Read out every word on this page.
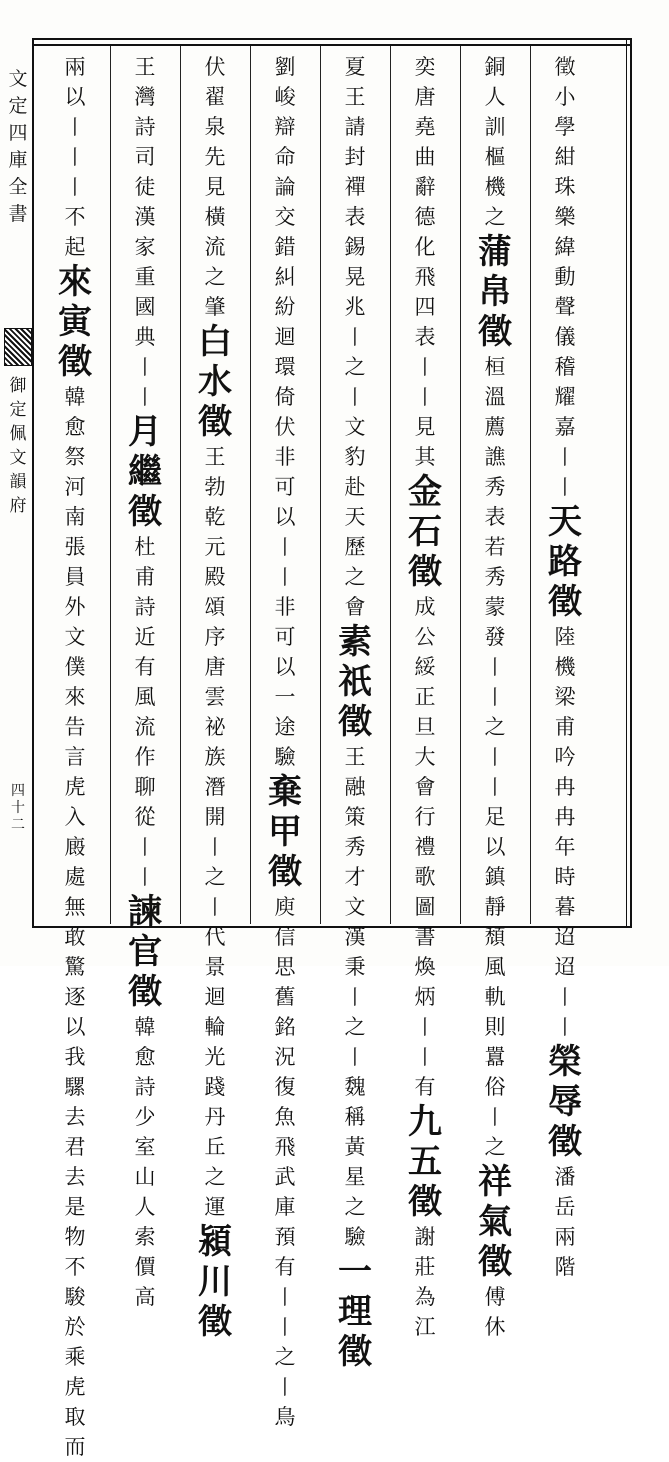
文定四庫全書
御定佩文韻府
四十二
徵
小
學
紺
珠
樂
緯
動
聲
儀
稽
耀
嘉
丨
丨
天
路
徵
陸
機
梁
甫
吟
冉
冉
年
時
暮
迢
迢
丨
丨
榮
辱
徵
潘
岳
兩
階
銅
人
訓
樞
機
之
蒲
帛
徵
桓
溫
薦
譙
秀
表
若
秀
蒙
發
丨
丨
之
丨
丨
足
以
鎮
靜
頹
風
軌
則
囂
俗
丨
之
祥
氣
徵
傅
休
奕
唐
堯
曲
辭
德
化
飛
四
表
丨
丨
見
其
金
石
徵
成
公
綏
正
旦
大
會
行
禮
歌
圖
書
煥
炳
丨
丨
有
九
五
徵
謝
莊
為
江
夏
王
請
封
禪
表
錫
晃
兆
丨
之
丨
文
豹
赴
天
歷
之
會
素
祇
徵
王
融
策
秀
才
文
漢
秉
丨
之
丨
魏
稱
黃
星
之
驗
一
理
徵
劉
峻
辯
命
論
交
錯
糾
紛
迴
環
倚
伏
非
可
以
丨
丨
非
可
以
一
途
驗
棄
甲
徵
庾
信
思
舊
銘
況
復
魚
飛
武
庫
預
有
丨
丨
之
丨
鳥
伏
翟
泉
先
見
橫
流
之
肇
白
水
徵
王
勃
乾
元
殿
頌
序
唐
雲
祕
族
潛
開
丨
之
丨
代
景
迴
輪
光
踐
丹
丘
之
運
潁
川
徵
王
灣
詩
司
徒
漢
家
重
國
典
丨
丨
月
繼
徵
杜
甫
詩
近
有
風
流
作
聊
從
丨
丨
諫
官
徵
韓
愈
詩
少
室
山
人
索
價
高
兩
以
丨
丨
丨
不
起
來
寅
徵
韓
愈
祭
河
南
張
員
外
文
僕
來
告
言
虎
入
廄
處
無
敢
驚
逐
以
我
騾
去
君
去
是
物
不
駿
於
乘
虎
取
而
